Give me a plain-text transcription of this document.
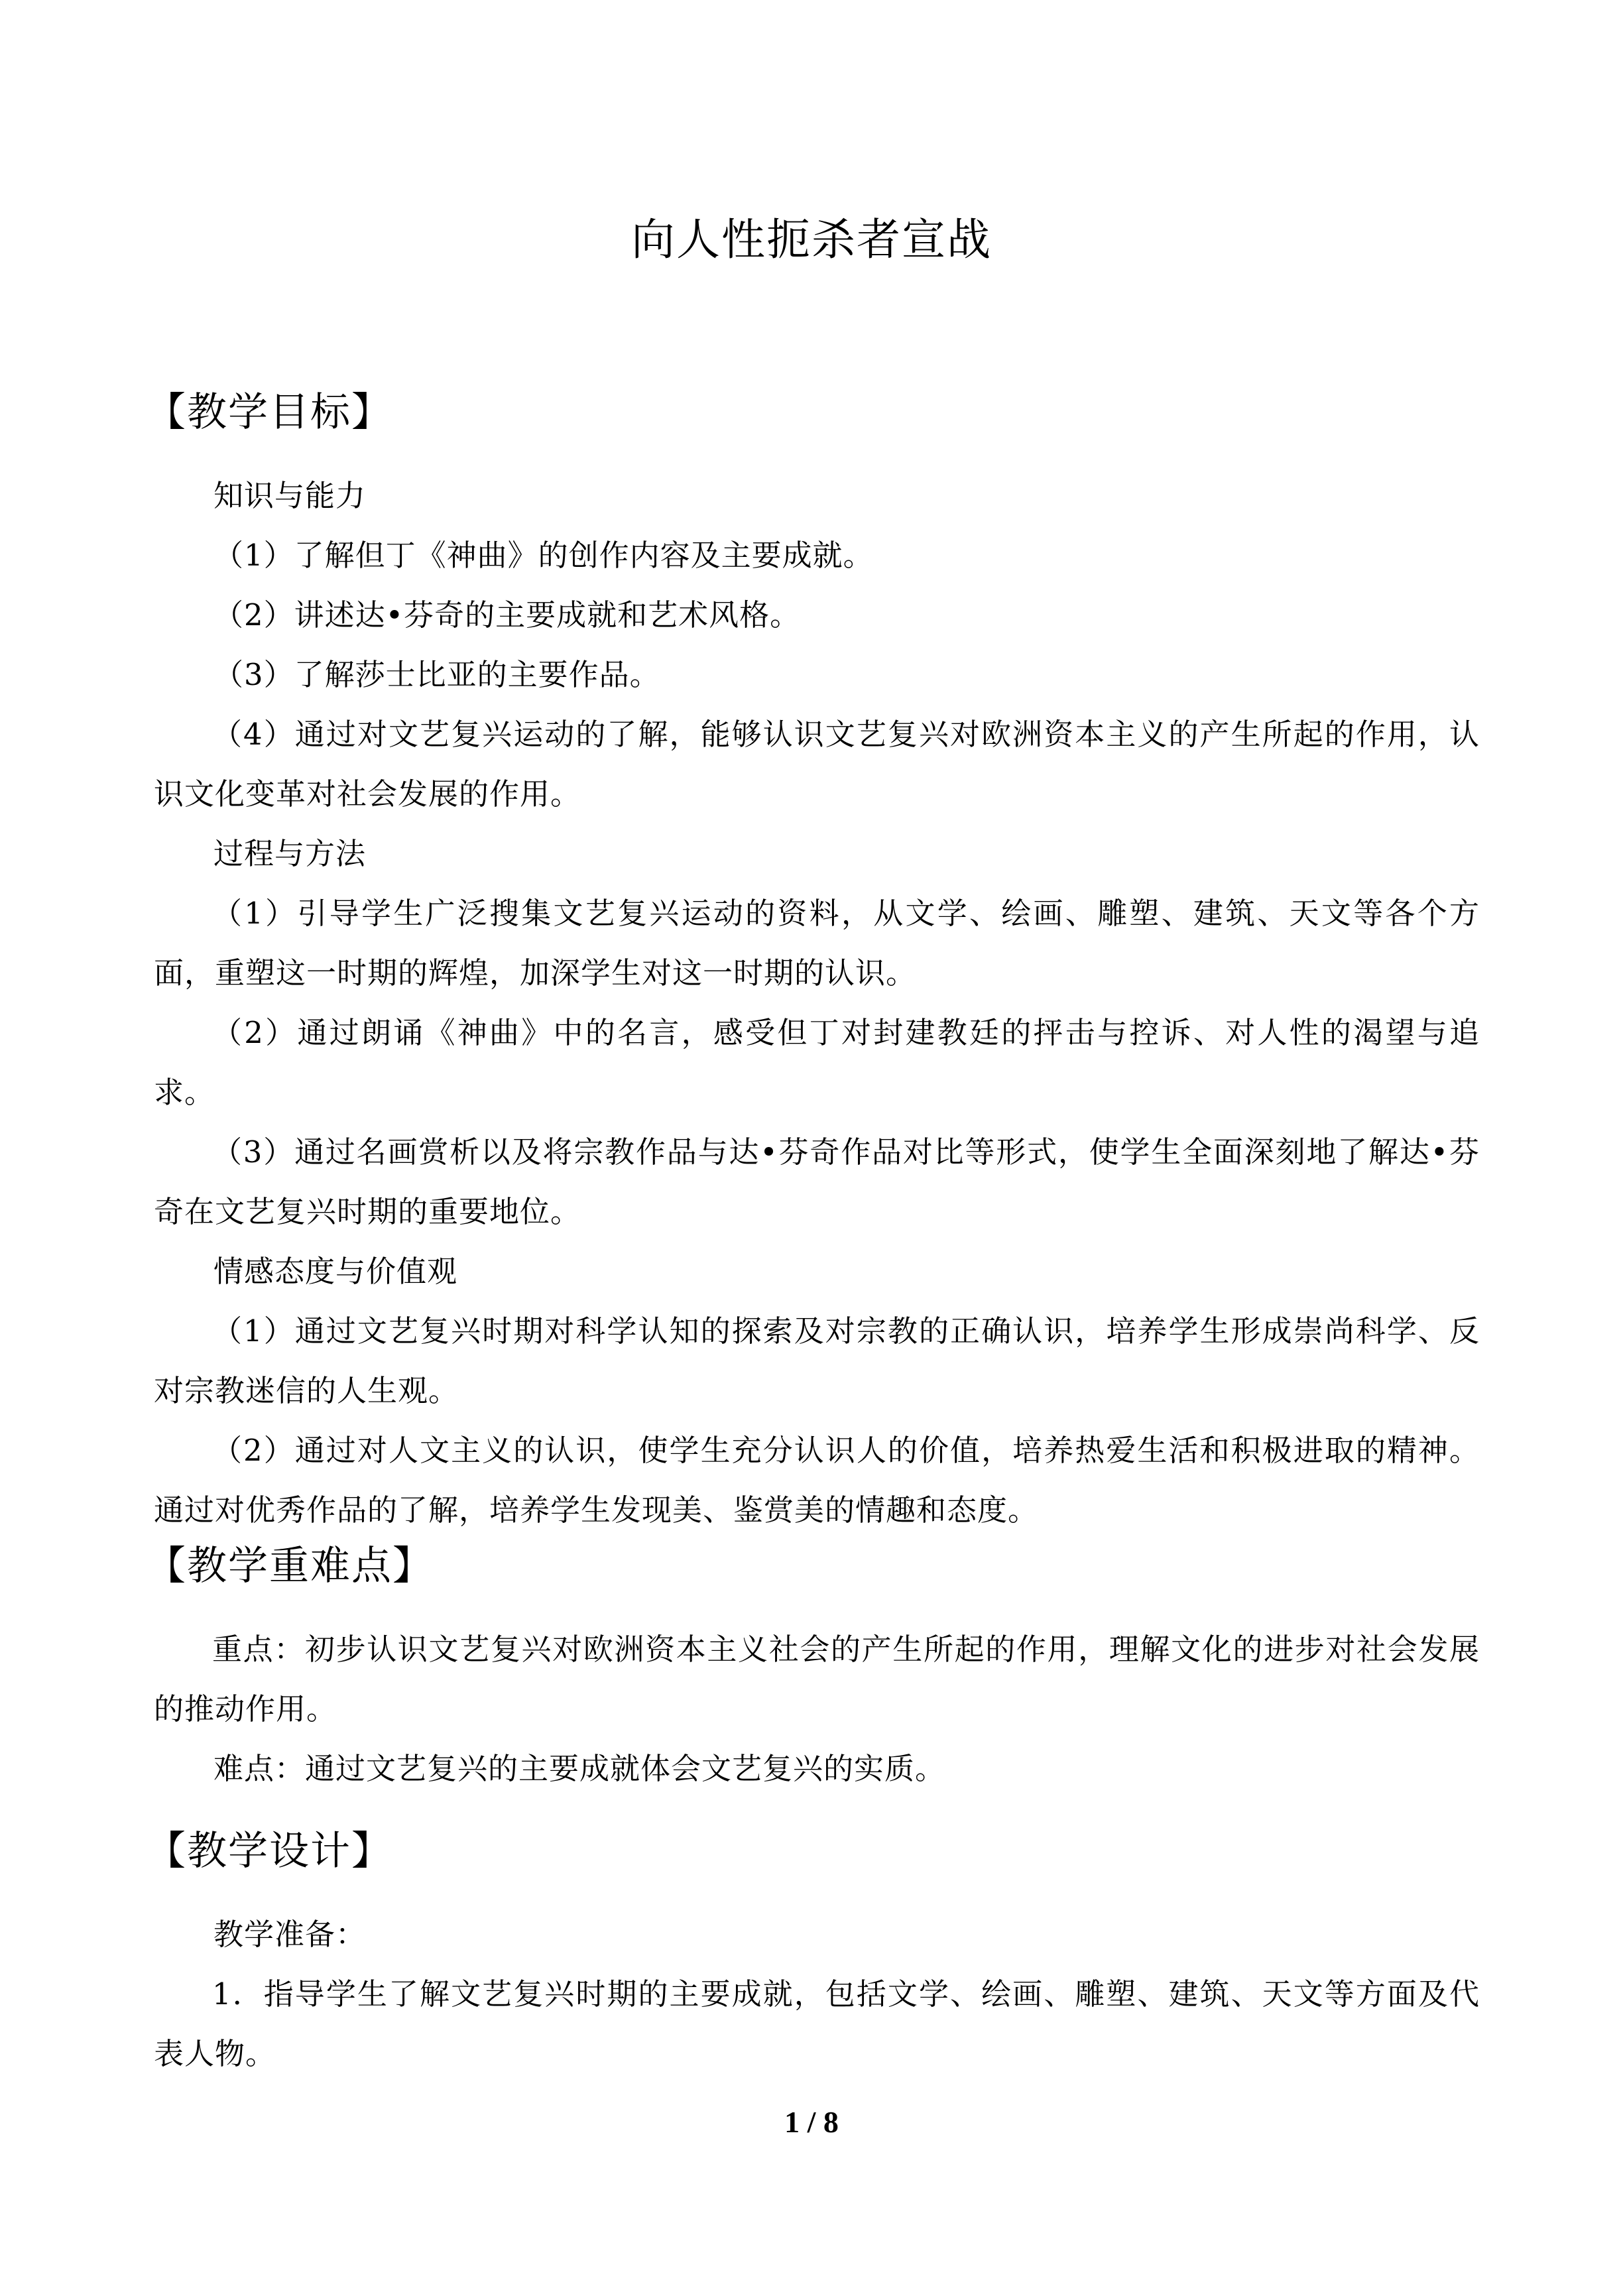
向人性扼杀者宣战
【教学目标】
知识与能力
（1）了解但丁《神曲》的创作内容及主要成就。
（2）讲述达•芬奇的主要成就和艺术风格。
（3）了解莎士比亚的主要作品。
（4）通过对文艺复兴运动的了解，能够认识文艺复兴对欧洲资本主义的产生所起的作用，认识文化变革对社会发展的作用。
过程与方法
（1）引导学生广泛搜集文艺复兴运动的资料，从文学、绘画、雕塑、建筑、天文等各个方面，重塑这一时期的辉煌，加深学生对这一时期的认识。
（2）通过朗诵《神曲》中的名言，感受但丁对封建教廷的抨击与控诉、对人性的渴望与追求。
（3）通过名画赏析以及将宗教作品与达•芬奇作品对比等形式，使学生全面深刻地了解达•芬奇在文艺复兴时期的重要地位。
情感态度与价值观
（1）通过文艺复兴时期对科学认知的探索及对宗教的正确认识，培养学生形成崇尚科学、反对宗教迷信的人生观。
（2）通过对人文主义的认识，使学生充分认识人的价值，培养热爱生活和积极进取的精神。通过对优秀作品的了解，培养学生发现美、鉴赏美的情趣和态度。
【教学重难点】
重点：初步认识文艺复兴对欧洲资本主义社会的产生所起的作用，理解文化的进步对社会发展的推动作用。
难点：通过文艺复兴的主要成就体会文艺复兴的实质。
【教学设计】
教学准备：
1．指导学生了解文艺复兴时期的主要成就，包括文学、绘画、雕塑、建筑、天文等方面及代表人物。
1 / 8
